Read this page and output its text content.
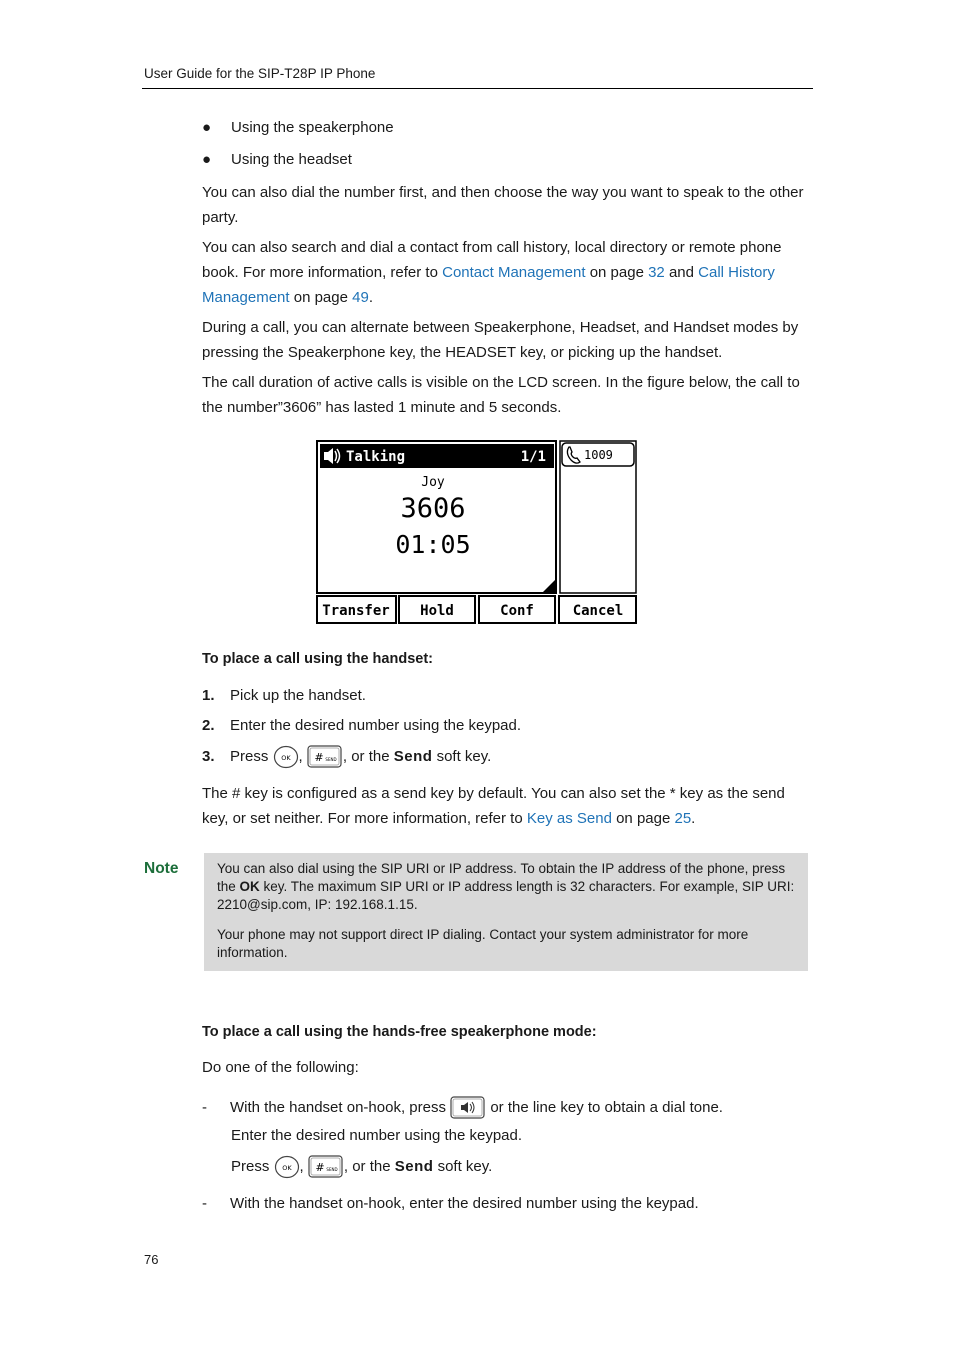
User Guide for the SIP-T28P IP Phone
● Using the speakerphone
● Using the headset
You can also dial the number first, and then choose the way you want to speak to the other party.
You can also search and dial a contact from call history, local directory or remote phone book. For more information, refer to Contact Management on page 32 and Call History Management on page 49.
During a call, you can alternate between Speakerphone, Headset, and Handset modes by pressing the Speakerphone key, the HEADSET key, or picking up the handset.
The call duration of active calls is visible on the LCD screen. In the figure below, the call to the number”3606” has lasted 1 minute and 5 seconds.
Talking	1/1
Joy
3606
01:05
1009
Transfer Hold	Conf	Cancel
To place a call using the handset:
1. Pick up the handset.
2. Enter the desired number using the keypad.
3. Press OK , # SEND , or the Send soft key.
The # key is configured as a send key by default. You can also set the * key as the send key, or set neither. For more information, refer to Key as Send on page 25.
Note	You can also dial using the SIP URI or IP address. To obtain the IP address of the phone, press the OK key. The maximum SIP URI or IP address length is 32 characters. For example, SIP URI: 2210@sip.com, IP: 192.168.1.15.
Your phone may not support direct IP dialing. Contact your system administrator for more information.
To place a call using the hands-free speakerphone mode:
Do one of the following:
- With the handset on-hook, press	or the line key to obtain a dial tone.
Enter the desired number using the keypad.
Press OK , # SEND , or the Send soft key.
- With the handset on-hook, enter the desired number using the keypad.
76
